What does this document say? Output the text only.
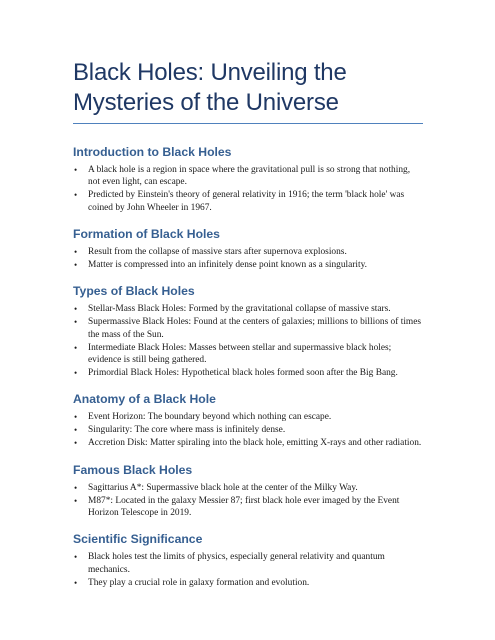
Black Holes: Unveiling the Mysteries of the Universe
Introduction to Black Holes
• A black hole is a region in space where the gravitational pull is so strong that nothing, not even light, can escape.
• Predicted by Einstein's theory of general relativity in 1916; the term 'black hole' was coined by John Wheeler in 1967.
Formation of Black Holes
• Result from the collapse of massive stars after supernova explosions.
• Matter is compressed into an infinitely dense point known as a singularity.
Types of Black Holes
• Stellar-Mass Black Holes: Formed by the gravitational collapse of massive stars.
• Supermassive Black Holes: Found at the centers of galaxies; millions to billions of times the mass of the Sun.
• Intermediate Black Holes: Masses between stellar and supermassive black holes; evidence is still being gathered.
• Primordial Black Holes: Hypothetical black holes formed soon after the Big Bang.
Anatomy of a Black Hole
• Event Horizon: The boundary beyond which nothing can escape.
• Singularity: The core where mass is infinitely dense.
• Accretion Disk: Matter spiraling into the black hole, emitting X-rays and other radiation.
Famous Black Holes
• Sagittarius A*: Supermassive black hole at the center of the Milky Way.
• M87*: Located in the galaxy Messier 87; first black hole ever imaged by the Event Horizon Telescope in 2019.
Scientific Significance
• Black holes test the limits of physics, especially general relativity and quantum mechanics.
• They play a crucial role in galaxy formation and evolution.
